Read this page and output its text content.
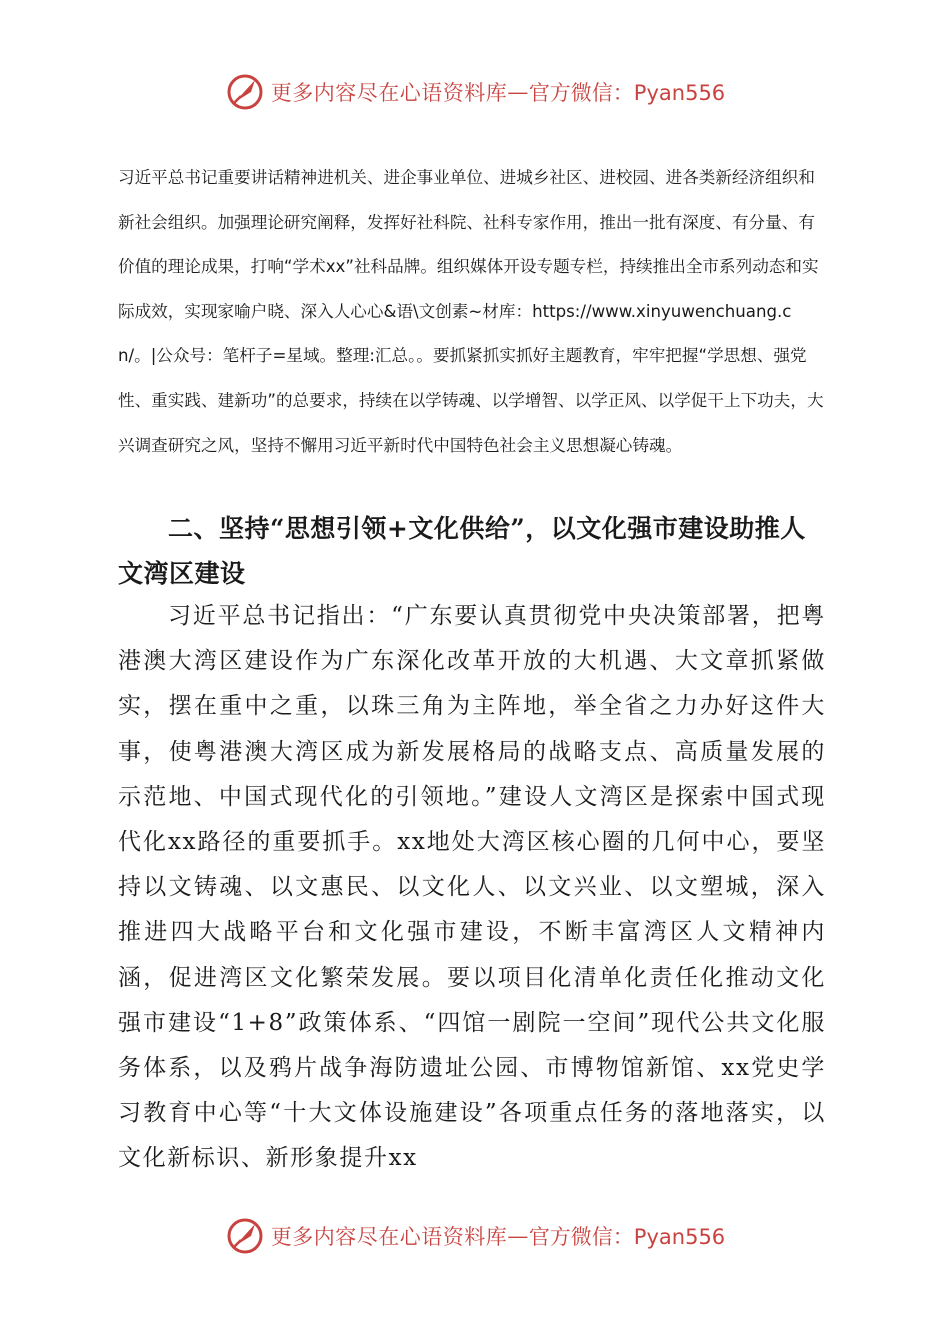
更多内容尽在心语资料库 — 官方微信：Pyan556

习近平总书记重要讲话精神进机关、进企事业单位、进城乡社区、进校园、进各类新经济组织和新社会组织。加强理论研究阐释，发挥好社科院、社科专家作用，推出一批有深度、有分量、有价值的理论成果，打响“学术xx”社科品牌。组织媒体开设专题专栏，持续推出全市系列动态和实际成效，实现家喻户晓、深入人心心&语\文创素~材库：https://www.xinyuwenchuang.cn/。|公众号：笔杆子=星域。整理:汇总。。要抓紧抓实抓好主题教育，牢牢把握“学思想、强党性、重实践、建新功”的总要求，持续在以学铸魂、以学增智、以学正风、以学促干上下功夫，大兴调查研究之风，坚持不懈用习近平新时代中国特色社会主义思想凝心铸魂。

二、坚持“思想引领+文化供给”，以文化强市建设助推人文湾区建设

习近平总书记指出：“广东要认真贯彻党中央决策部署，把粤港澳大湾区建设作为广东深化改革开放的大机遇、大文章抓紧做实，摆在重中之重，以珠三角为主阵地，举全省之力办好这件大事，使粤港澳大湾区成为新发展格局的战略支点、高质量发展的示范地、中国式现代化的引领地。”建设人文湾区是探索中国式现代化xx路径的重要抓手。xx地处大湾区核心圈的几何中心，要坚持以文铸魂、以文惠民、以文化人、以文兴业、以文塑城，深入推进四大战略平台和文化强市建设，不断丰富湾区人文精神内涵，促进湾区文化繁荣发展。要以项目化清单化责任化推动文化强市建设“1+8”政策体系、“四馆一剧院一空间”现代公共文化服务体系，以及鸦片战争海防遗址公园、市博物馆新馆、xx党史学习教育中心等“十大文体设施建设”各项重点任务的落地落实，以文化新标识、新形象提升xx

更多内容尽在心语资料库 — 官方微信：Pyan556
